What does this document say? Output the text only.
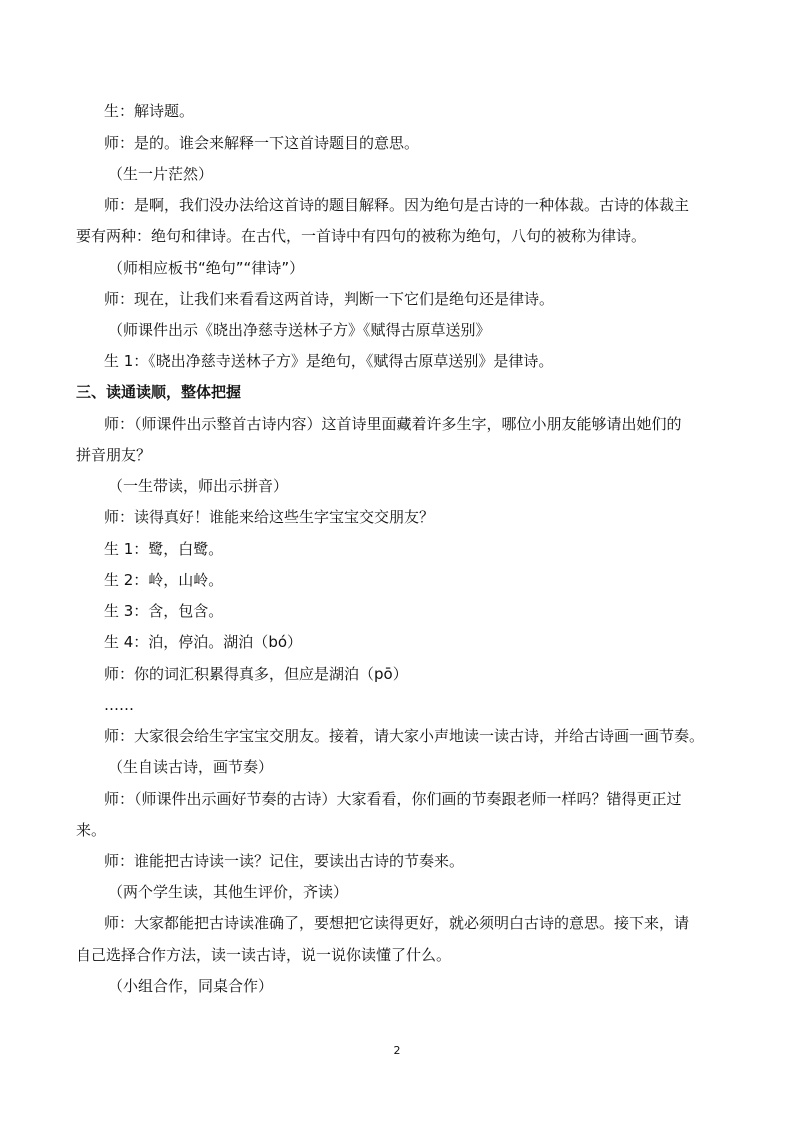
生：解诗题。
师：是的。谁会来解释一下这首诗题目的意思。
（生一片茫然）
师：是啊，我们没办法给这首诗的题目解释。因为绝句是古诗的一种体裁。古诗的体裁主
要有两种：绝句和律诗。在古代，一首诗中有四句的被称为绝句，八句的被称为律诗。
（师相应板书“绝句”“律诗”）
师：现在，让我们来看看这两首诗，判断一下它们是绝句还是律诗。
（师课件出示《晓出净慈寺送林子方》《赋得古原草送别》
生 1：《晓出净慈寺送林子方》是绝句，《赋得古原草送别》是律诗。
三、读通读顺，整体把握
师：（师课件出示整首古诗内容）这首诗里面藏着许多生字，哪位小朋友能够请出她们的
拼音朋友？
（一生带读，师出示拼音）
师：读得真好！谁能来给这些生字宝宝交交朋友？
生 1：鹭，白鹭。
生 2：岭，山岭。
生 3：含，包含。
生 4：泊，停泊。湖泊（bó）
师：你的词汇积累得真多，但应是湖泊（pō）
……
师：大家很会给生字宝宝交朋友。接着，请大家小声地读一读古诗，并给古诗画一画节奏。
（生自读古诗，画节奏）
师：（师课件出示画好节奏的古诗）大家看看，你们画的节奏跟老师一样吗？错得更正过
来。
师：谁能把古诗读一读？记住，要读出古诗的节奏来。
（两个学生读，其他生评价，齐读）
师：大家都能把古诗读准确了，要想把它读得更好，就必须明白古诗的意思。接下来，请
自己选择合作方法，读一读古诗，说一说你读懂了什么。
（小组合作，同桌合作）
2
